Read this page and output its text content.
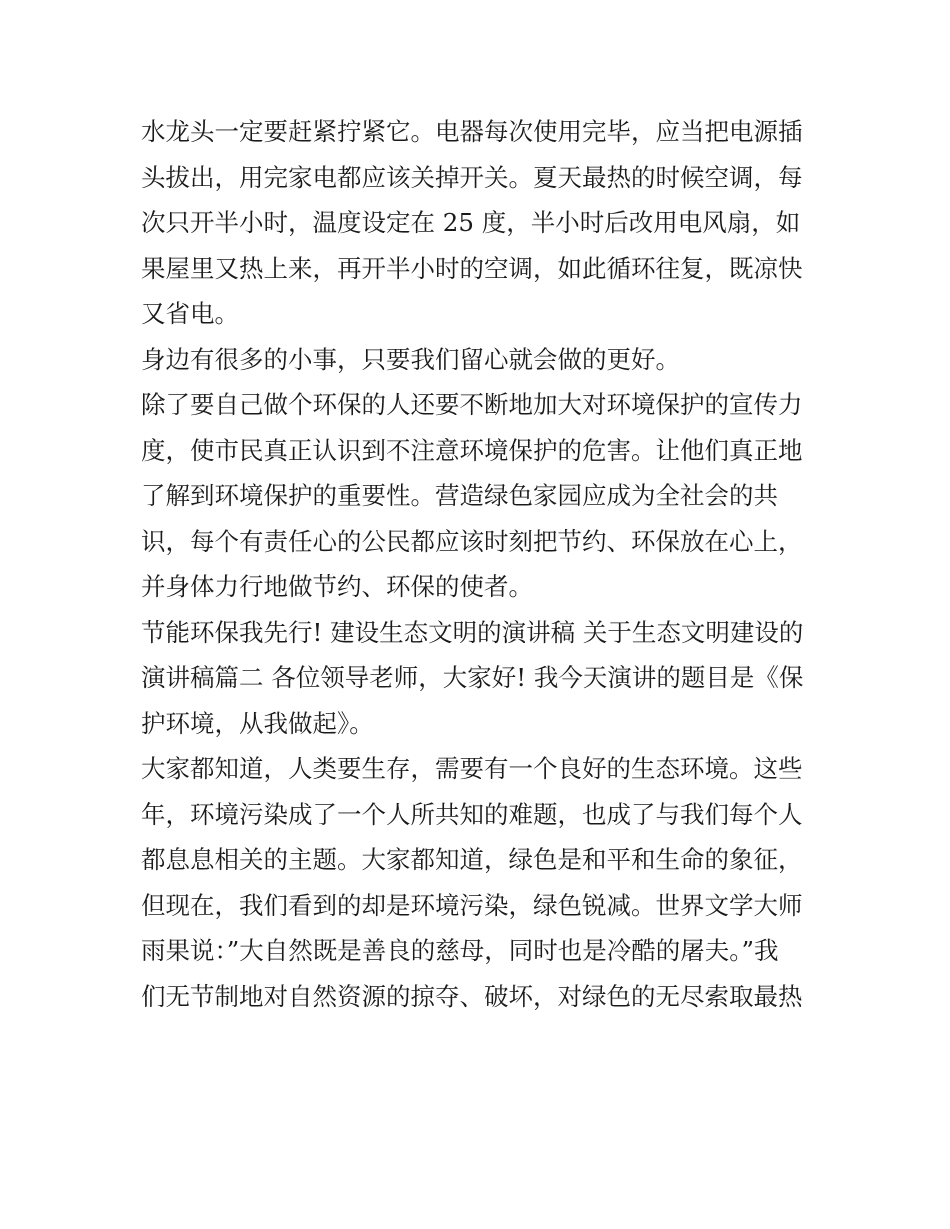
水龙头一定要赶紧拧紧它。电器每次使用完毕，应当把电源插
头拔出，用完家电都应该关掉开关。夏天最热的时候空调，每
次只开半小时，温度设定在 25 度，半小时后改用电风扇，如
果屋里又热上来，再开半小时的空调，如此循环往复，既凉快
又省电。
身边有很多的小事，只要我们留心就会做的更好。
除了要自己做个环保的人还要不断地加大对环境保护的宣传力
度，使市民真正认识到不注意环境保护的危害。让他们真正地
了解到环境保护的重要性。营造绿色家园应成为全社会的共
识，每个有责任心的公民都应该时刻把节约、环保放在心上，
并身体力行地做节约、环保的使者。
节能环保我先行! 建设生态文明的演讲稿 关于生态文明建设的
演讲稿篇二 各位领导老师，大家好! 我今天演讲的题目是《保
护环境，从我做起》。
大家都知道，人类要生存，需要有一个良好的生态环境。这些
年，环境污染成了一个人所共知的难题，也成了与我们每个人
都息息相关的主题。大家都知道，绿色是和平和生命的象征，
但现在，我们看到的却是环境污染，绿色锐减。世界文学大师
雨果说：”大自然既是善良的慈母，同时也是冷酷的屠夫。”我
们无节制地对自然资源的掠夺、破坏，对绿色的无尽索取最热
